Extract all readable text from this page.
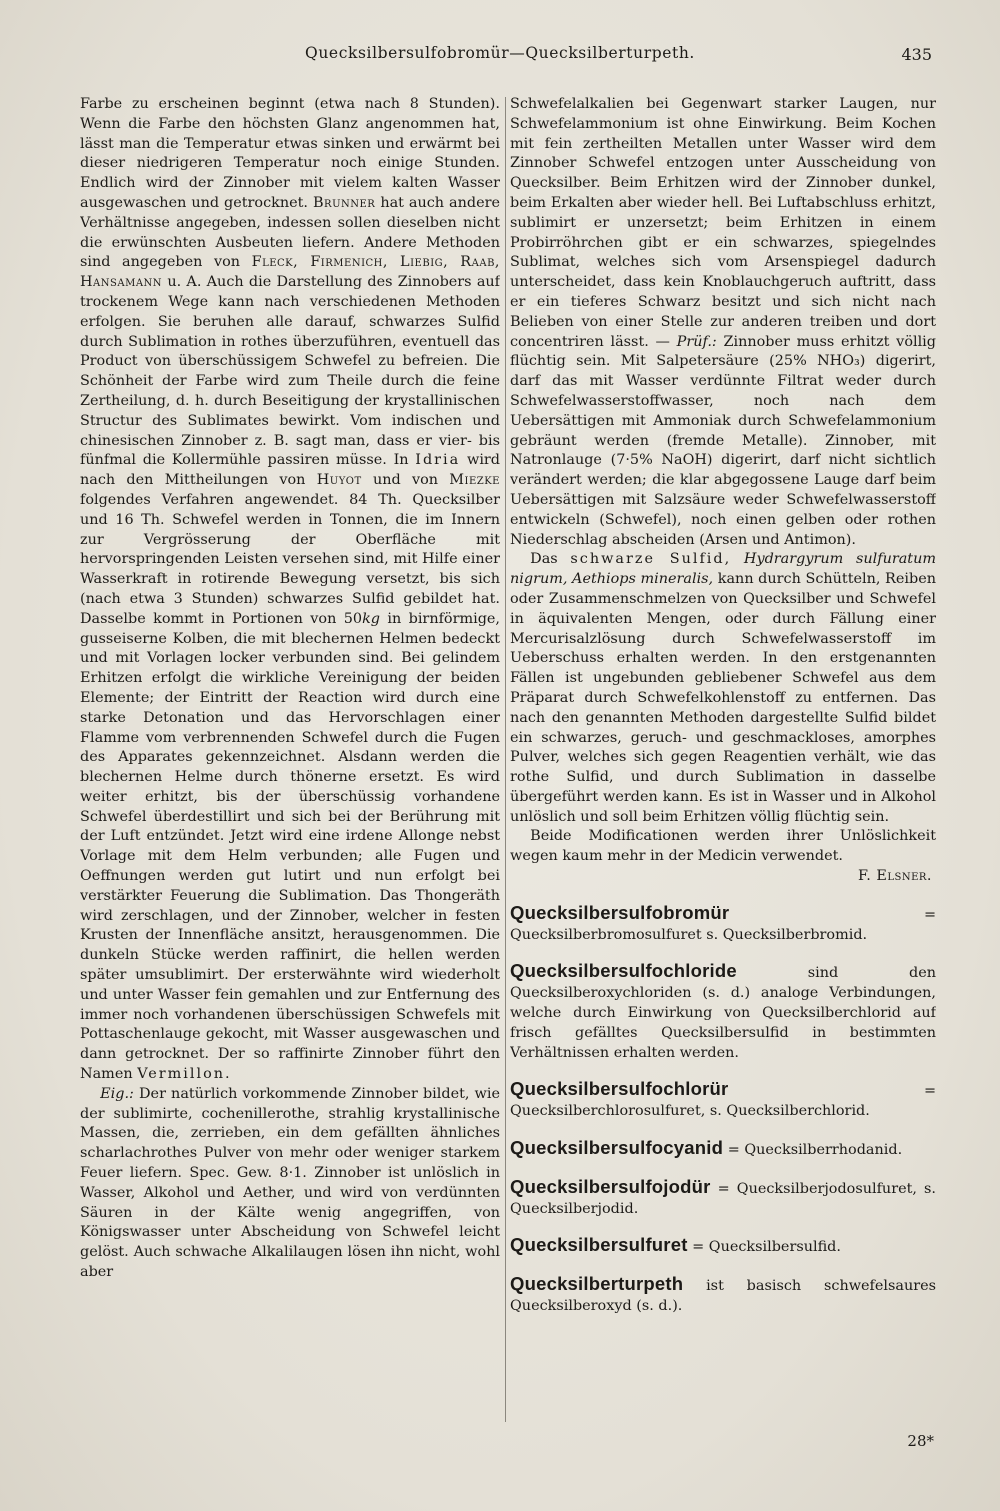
Quecksilbersulfobromür—Quecksilberturpeth.	435

Farbe zu erscheinen beginnt (etwa nach 8 Stunden). Wenn die Farbe den höchsten Glanz angenommen hat, lässt man die Temperatur etwas sinken und erwärmt bei dieser niedrigeren Temperatur noch einige Stunden. Endlich wird der Zinnober mit vielem kalten Wasser ausgewaschen und getrocknet. Brunner hat auch andere Verhältnisse angegeben, indessen sollen dieselben nicht die erwünschten Ausbeuten liefern. Andere Methoden sind angegeben von Fleck, Firmenich, Liebig, Raab, Hansamann u. A. Auch die Darstellung des Zinnobers auf trockenem Wege kann nach verschiedenen Methoden erfolgen. Sie beruhen alle darauf, schwarzes Sulfid durch Sublimation in rothes überzuführen, eventuell das Product von überschüssigem Schwefel zu befreien. Die Schönheit der Farbe wird zum Theile durch die feine Zertheilung, d. h. durch Beseitigung der krystallinischen Structur des Sublimates bewirkt. Vom indischen und chinesischen Zinnober z. B. sagt man, dass er vier- bis fünfmal die Kollermühle passiren müsse. In Idria wird nach den Mittheilungen von Huyot und von Miezke folgendes Verfahren angewendet. 84 Th. Quecksilber und 16 Th. Schwefel werden in Tonnen, die im Innern zur Vergrösserung der Oberfläche mit hervorspringenden Leisten versehen sind, mit Hilfe einer Wasserkraft in rotirende Bewegung versetzt, bis sich (nach etwa 3 Stunden) schwarzes Sulfid gebildet hat. Dasselbe kommt in Portionen von 50kg in birnförmige, gusseiserne Kolben, die mit blechernen Helmen bedeckt und mit Vorlagen locker verbunden sind. Bei gelindem Erhitzen erfolgt die wirkliche Vereinigung der beiden Elemente; der Eintritt der Reaction wird durch eine starke Detonation und das Hervorschlagen einer Flamme vom verbrennenden Schwefel durch die Fugen des Apparates gekennzeichnet. Alsdann werden die blechernen Helme durch thönerne ersetzt. Es wird weiter erhitzt, bis der überschüssig vorhandene Schwefel überdestillirt und sich bei der Berührung mit der Luft entzündet. Jetzt wird eine irdene Allonge nebst Vorlage mit dem Helm verbunden; alle Fugen und Oeffnungen werden gut lutirt und nun erfolgt bei verstärkter Feuerung die Sublimation. Das Thongeräth wird zerschlagen, und der Zinnober, welcher in festen Krusten der Innenfläche ansitzt, herausgenommen. Die dunkeln Stücke werden raffinirt, die hellen werden später umsublimirt. Der ersterwähnte wird wiederholt und unter Wasser fein gemahlen und zur Entfernung des immer noch vorhandenen überschüssigen Schwefels mit Pottaschenlauge gekocht, mit Wasser ausgewaschen und dann getrocknet. Der so raffinirte Zinnober führt den Namen Vermillon.

Eig.: Der natürlich vorkommende Zinnober bildet, wie der sublimirte, cochenillerothe, strahlig krystallinische Massen, die, zerrieben, ein dem gefällten ähnliches scharlachrothes Pulver von mehr oder weniger starkem Feuer liefern. Spec. Gew. 8·1. Zinnober ist unlöslich in Wasser, Alkohol und Aether, und wird von verdünnten Säuren in der Kälte wenig angegriffen, von Königswasser unter Abscheidung von Schwefel leicht gelöst. Auch schwache Alkalilaugen lösen ihn nicht, wohl aber

Schwefelalkalien bei Gegenwart starker Laugen, nur Schwefelammonium ist ohne Einwirkung. Beim Kochen mit fein zertheilten Metallen unter Wasser wird dem Zinnober Schwefel entzogen unter Ausscheidung von Quecksilber. Beim Erhitzen wird der Zinnober dunkel, beim Erkalten aber wieder hell. Bei Luftabschluss erhitzt, sublimirt er unzersetzt; beim Erhitzen in einem Probirröhrchen gibt er ein schwarzes, spiegelndes Sublimat, welches sich vom Arsenspiegel dadurch unterscheidet, dass kein Knoblauchgeruch auftritt, dass er ein tieferes Schwarz besitzt und sich nicht nach Belieben von einer Stelle zur anderen treiben und dort concentriren lässt. — Prüf.: Zinnober muss erhitzt völlig flüchtig sein. Mit Salpetersäure (25% NHO₃) digerirt, darf das mit Wasser verdünnte Filtrat weder durch Schwefelwasserstoffwasser, noch nach dem Uebersättigen mit Ammoniak durch Schwefelammonium gebräunt werden (fremde Metalle). Zinnober, mit Natronlauge (7·5% NaOH) digerirt, darf nicht sichtlich verändert werden; die klar abgegossene Lauge darf beim Uebersättigen mit Salzsäure weder Schwefelwasserstoff entwickeln (Schwefel), noch einen gelben oder rothen Niederschlag abscheiden (Arsen und Antimon).

Das schwarze Sulfid, Hydrargyrum sulfuratum nigrum, Aethiops mineralis, kann durch Schütteln, Reiben oder Zusammenschmelzen von Quecksilber und Schwefel in äquivalenten Mengen, oder durch Fällung einer Mercurisalzlösung durch Schwefelwasserstoff im Ueberschuss erhalten werden. In den erstgenannten Fällen ist ungebunden gebliebener Schwefel aus dem Präparat durch Schwefelkohlenstoff zu entfernen. Das nach den genannten Methoden dargestellte Sulfid bildet ein schwarzes, geruch- und geschmackloses, amorphes Pulver, welches sich gegen Reagentien verhält, wie das rothe Sulfid, und durch Sublimation in dasselbe übergeführt werden kann. Es ist in Wasser und in Alkohol unlöslich und soll beim Erhitzen völlig flüchtig sein.

Beide Modificationen werden ihrer Unlöslichkeit wegen kaum mehr in der Medicin verwendet.

F. Elsner.

Quecksilbersulfobromür	= Quecksilberbromosulfuret s. Quecksilberbromid.

Quecksilbersulfochloride	sind den Quecksilberoxychloriden (s. d.) analoge Verbindungen, welche durch Einwirkung von Quecksilberchlorid auf frisch gefälltes Quecksilbersulfid in bestimmten Verhältnissen erhalten werden.

Quecksilbersulfochlorür	= Quecksilberchlorosulfuret, s. Quecksilberchlorid.

Quecksilbersulfocyanid = Quecksilberrhodanid.

Quecksilbersulfojodür = Quecksilberjodosulfuret, s. Quecksilberjodid.

Quecksilbersulfuret = Quecksilbersulfid.

Quecksilberturpeth ist basisch schwefelsaures Quecksilberoxyd (s. d.).

28*
